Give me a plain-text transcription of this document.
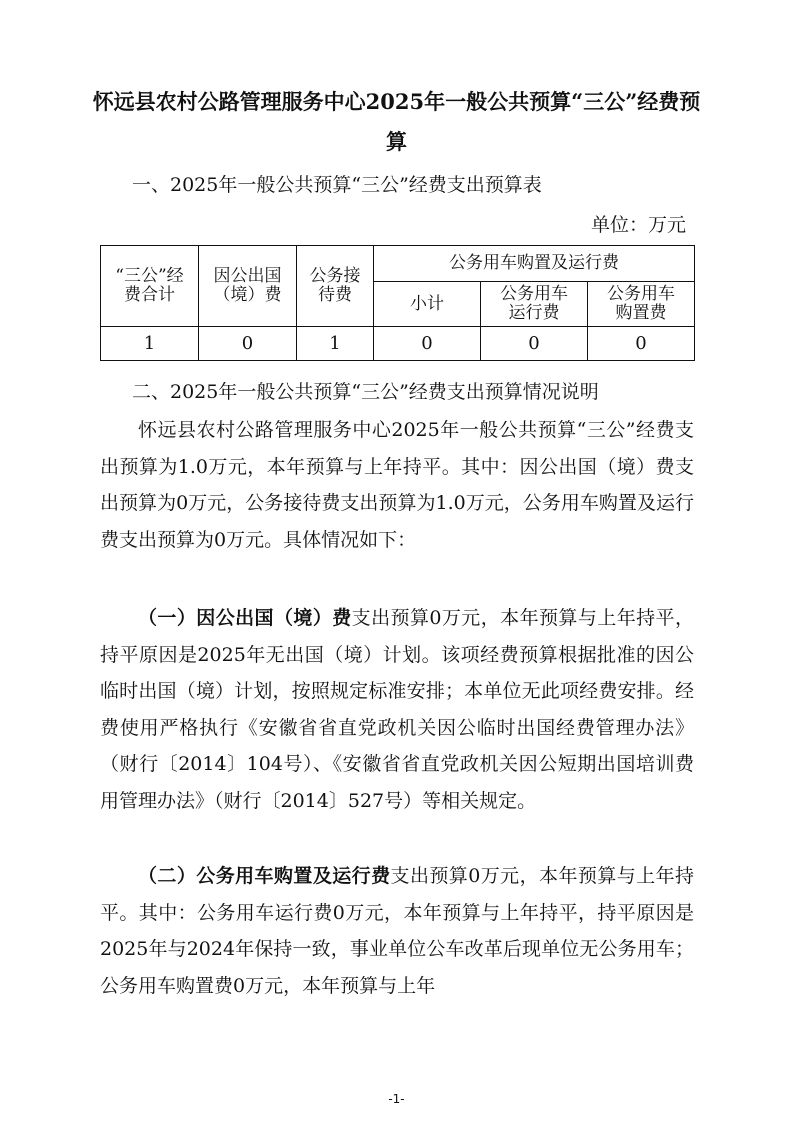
怀远县农村公路管理服务中心2025年一般公共预算“三公”经费预算
一、2025年一般公共预算“三公”经费支出预算表
单位：万元
“三公”经费合计	因公出国（境）费	公务接待费	公务用车购置及运行费		
			小计	公务用车运行费	公务用车购置费
1	0	1	0	0	0
二、2025年一般公共预算“三公”经费支出预算情况说明

怀远县农村公路管理服务中心2025年一般公共预算“三公”经费支出预算为1.0万元，本年预算与上年持平。其中：因公出国（境）费支出预算为0万元，公务接待费支出预算为1.0万元，公务用车购置及运行费支出预算为0万元。具体情况如下：

（一）因公出国（境）费支出预算0万元，本年预算与上年持平，持平原因是2025年无出国（境）计划。该项经费预算根据批准的因公临时出国（境）计划，按照规定标准安排；本单位无此项经费安排。经费使用严格执行《安徽省省直党政机关因公临时出国经费管理办法》（财行〔2014〕104号）、《安徽省省直党政机关因公短期出国培训费用管理办法》（财行〔2014〕527号）等相关规定。

（二）公务用车购置及运行费支出预算0万元，本年预算与上年持平。其中：公务用车运行费0万元，本年预算与上年持平，持平原因是2025年与2024年保持一致，事业单位公车改革后现单位无公务用车；公务用车购置费0万元，本年预算与上年

-1-
